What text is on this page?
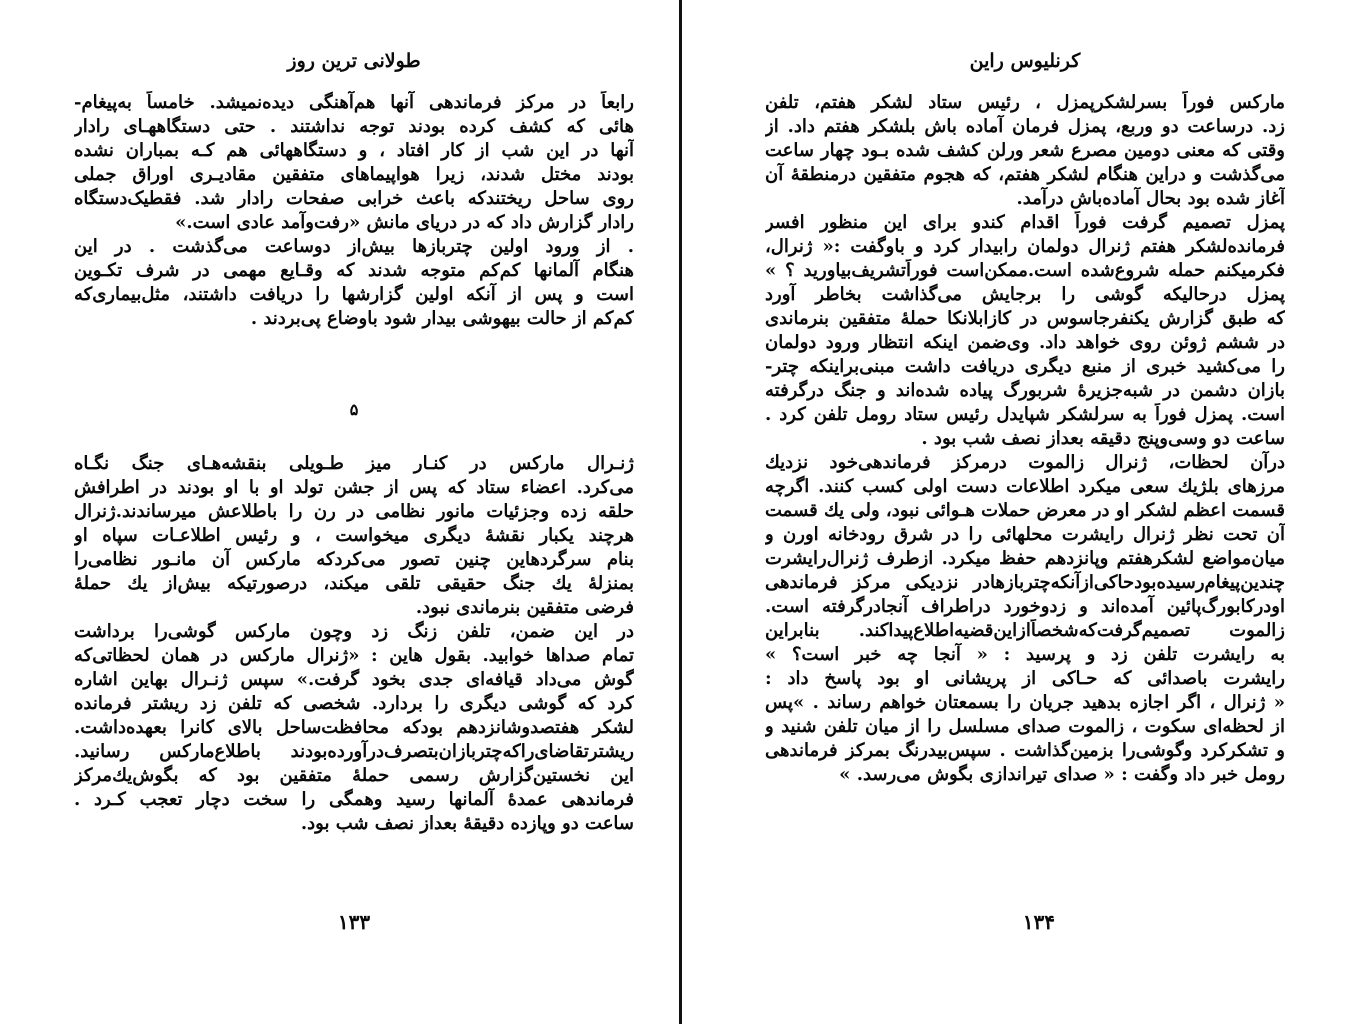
طولانی ترین روز
رابعاً در مرکز فرماندهی آنها هم‌آهنگی دیده‌نمیشد. خامساً به‌پیغام-
هائی که کشف کرده بودند توجه نداشتند . حتی دستگاههـای رادار
آنها در این شب از کار افتاد ، و دستگاههائی هم کـه بمباران نشده
بودند مختل شدند، زیرا هواپیماهای متفقین مقادیـری اوراق جملی
روی ساحل ریختندکه باعث خرابی صفحات رادار شد. فقطیک‌دستگاه
رادار گزارش داد که در دریای مانش «رفت‌وآمد عادی است.»
. از ورود اولین چتربازها بیش‌از دوساعت می‌گذشت . در این
هنگام آلمانها کم‌کم متوجه شدند که وقـایع مهمی در شرف تکـوین
است و پس از آنکه اولین گزارشها را دریافت داشتند، مثل‌بیماری‌که
کم‌کم از حالت بیهوشی بیدار شود باوضاع پی‌بردند .
۵
ژنـرال مارکس در کنـار میز طـویلی بنقشه‌هـای جنگ نگـاه
می‌کرد. اعضاء ستاد که پس از جشن تولد او با او بودند در اطرافش
حلقه زده وجزئیات مانور نظامی در رن را باطلاعش میرساندند.ژنرال
هرچند یکبار نقشهٔ دیگری میخواست ، و رئیس اطلاعـات سپاه او
بنام سرگردهاین چنین تصور می‌کردکه مارکس آن مانـور نظامی‌را
بمنزلهٔ یك جنگ حقیقی تلقی میکند، درصورتیکه بیش‌از یك حملهٔ
فرضی متفقین بنرماندی نبود.
در این ضمن، تلفن زنگ زد وچون مارکس گوشی‌را برداشت
تمام صداها خوابید. بقول هاین : «ژنرال مارکس در همان لحظاتی‌که
گوش می‌داد قیافه‌ای جدی بخود گرفت.» سپس ژنـرال بهاین اشاره
کرد که گوشی دیگری را بردارد. شخصی که تلفن زد ریشتر فرمانده
لشکر هفتصدوشانزدهم بودکه محافظت‌ساحل بالای کانرا بعهده‌داشت.
ریشترتقاضای‌راکه‌چتربازان‌بتصرف‌درآورده‌بودند باطلاع‌مارکس رسانید.
این نخستین‌گزارش رسمی حملهٔ متفقین بود که بگوش‌یك‌مرکز
فرماندهی عمدهٔ آلمانها رسید وهمگی را سخت دچار تعجب کـرد .
ساعت دو وپازده دقیقهٔ بعداز نصف شب بود.
۱۳۳
کرنلیوس راین
مارکس فوراً بسرلشکرپمزل ، رئیس ستاد لشکر هفتم، تلفن
زد. درساعت دو وربع، پمزل فرمان آماده باش بلشکر هفتم داد. از
وقتی که معنی دومین مصرع شعر ورلن کشف شده بـود چهار ساعت
می‌گذشت و دراین هنگام لشکر هفتم، که هجوم متفقین درمنطقهٔ آن
آغاز شده بود بحال آماده‌باش درآمد.
پمزل تصمیم گرفت فوراً اقدام کندو برای این منظور افسر
فرمانده‌لشکر هفتم ژنرال دولمان رابیدار کرد و باوگفت :« ژنرال،
فکرمیکنم حمله شروع‌شده است.ممکن‌است فوراًتشریف‌بیاورید ؟ »
پمزل درحالیکه گوشی را برجایش می‌گذاشت بخاطر آورد
که طبق گزارش یکنفرجاسوس در کازابلانکا حملهٔ متفقین بنرماندی
در ششم ژوئن روی خواهد داد. وی‌ضمن اینکه انتظار ورود دولمان
را می‌کشید خبری از منبع دیگری دریافت داشت مبنی‌براینکه چتر-
بازان دشمن در شبه‌جزیرهٔ شربورگ پیاده شده‌اند و جنگ درگرفته
است. پمزل فوراً به سرلشکر شپایدل رئیس ستاد رومل تلفن کرد .
ساعت دو وسی‌وپنج دقیقه بعداز نصف شب بود .
درآن لحظات، ژنرال زالموت درمرکز فرماندهی‌خود نزدیك
مرزهای بلژیك سعی میکرد اطلاعات دست اولی کسب کنند. اگرچه
قسمت اعظم لشکر او در معرض حملات هـوائی نبود، ولی یك قسمت
آن تحت نظر ژنرال رایشرت محلهائی را در شرق رودخانه اورن و
میان‌مواضع لشکرهفتم وپانزدهم حفظ میکرد. ازطرف ژنرال‌رایشرت
چندین‌پیغام‌رسیده‌بودحاکی‌از‌آنکه‌چتربازهادر نزدیکی مرکز فرماندهی
اودرکابورگ‌پائین آمده‌اند و زدوخورد دراطراف آنجادرگرفته است.
زالموت تصمیم‌گرفت‌که‌شخصاً‌ازاین‌قضیه‌اطلاع‌پیداکند. بنابراین
به رایشرت تلفن زد و پرسید : « آنجا چه خبر است؟ »
رایشرت باصدائی که حـاکی از پریشانی او بود پاسخ داد :
« ژنرال ، اگر اجازه بدهید جریان را بسمعتان خواهم رساند . »پس
از لحظه‌ای سکوت ، زالموت صدای مسلسل را از میان تلفن شنید و
و تشکرکرد وگوشی‌را بزمین‌گذاشت . سپس‌بیدرنگ بمرکز فرماندهی
رومل خبر داد وگفت : « صدای تیراندازی بگوش می‌رسد. »
۱۳۴
